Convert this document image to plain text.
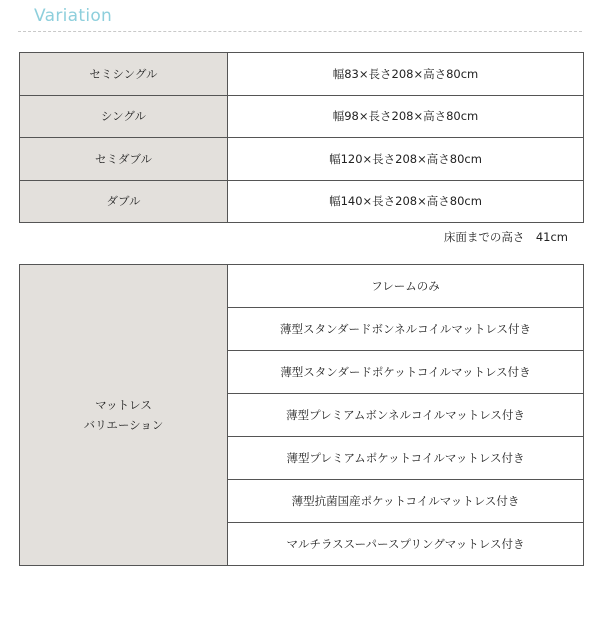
Variation
セミシングル	幅83×長さ208×高さ80cm
シングル	幅98×長さ208×高さ80cm
セミダブル	幅120×長さ208×高さ80cm
ダブル	幅140×長さ208×高さ80cm
床面までの高さ　41cm
マットレス
バリエーション
	フレームのみ
薄型スタンダードボンネルコイルマットレス付き
薄型スタンダードポケットコイルマットレス付き
薄型プレミアムボンネルコイルマットレス付き
薄型プレミアムポケットコイルマットレス付き
薄型抗菌国産ポケットコイルマットレス付き
マルチラススーパースプリングマットレス付き
